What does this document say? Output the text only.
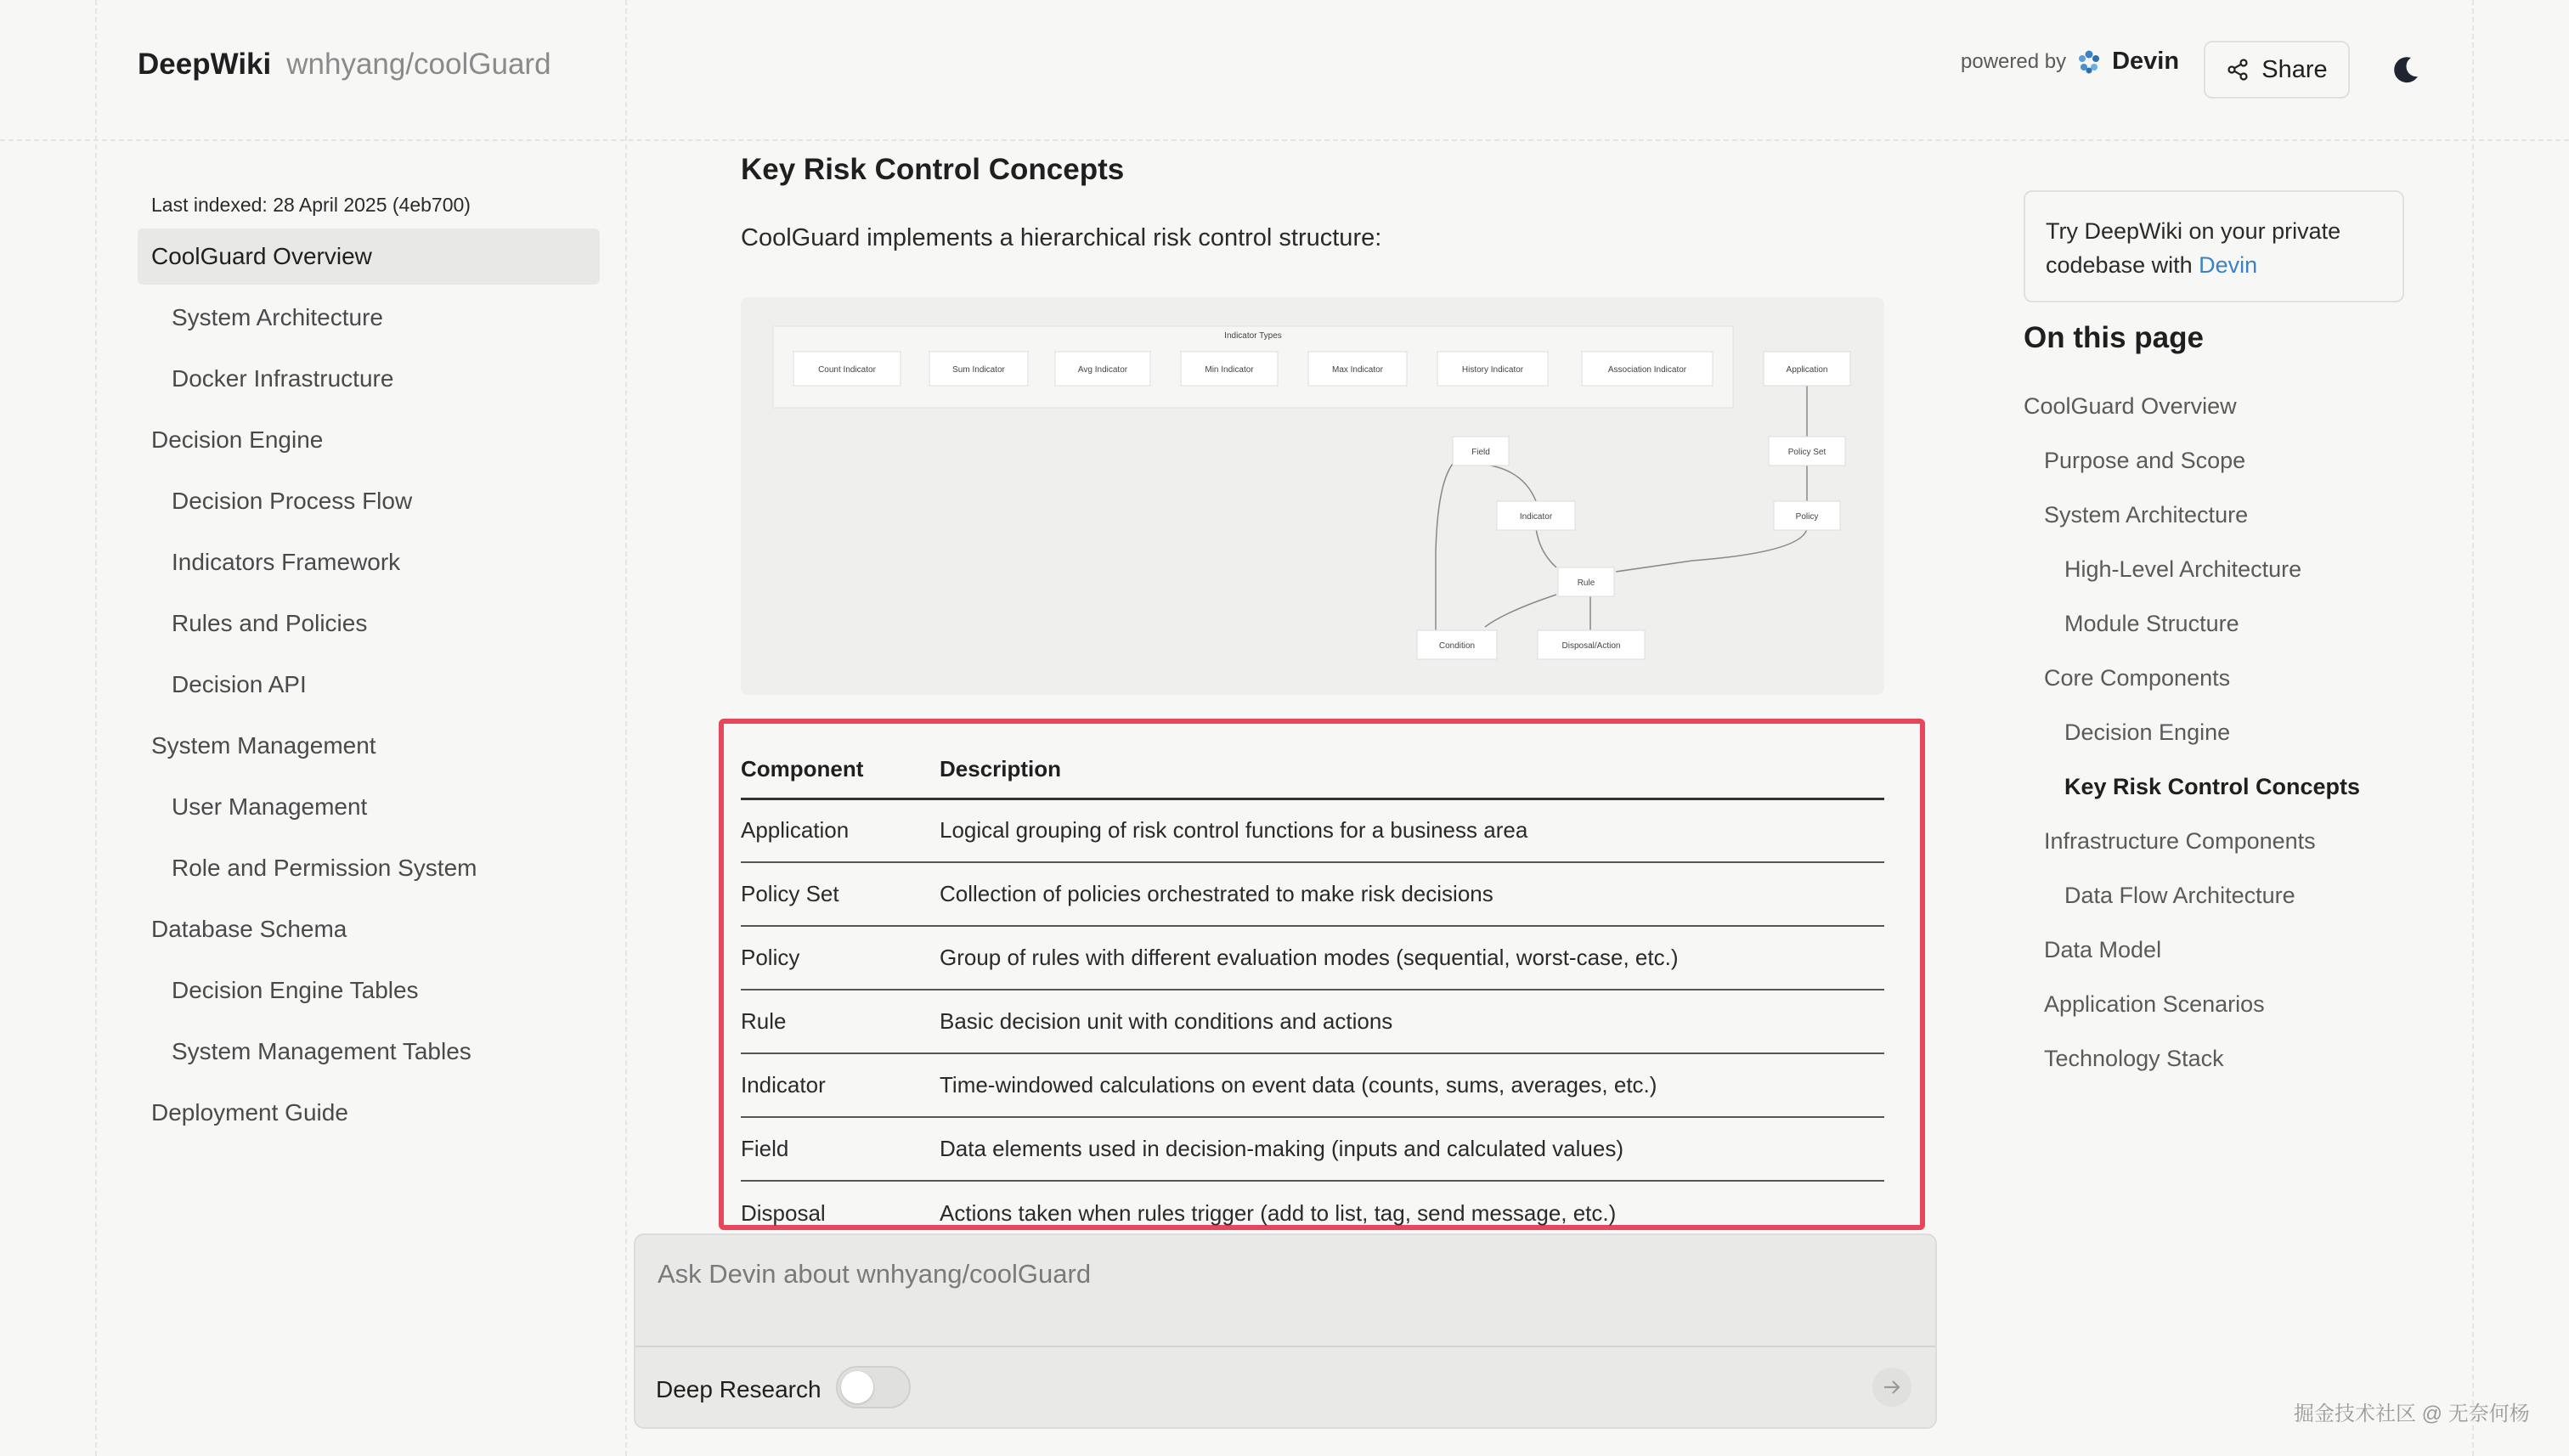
DeepWiki wnhyang/coolGuard	powered by Devin	Share
Last indexed: 28 April 2025 (4eb700)
CoolGuard Overview
System Architecture
Docker Infrastructure
Decision Engine
Decision Process Flow
Indicators Framework
Rules and Policies
Decision API
System Management
User Management
Role and Permission System
Database Schema
Decision Engine Tables
System Management Tables
Deployment Guide
Key Risk Control Concepts
CoolGuard implements a hierarchical risk control structure:
Indicator Types
Count Indicator	Sum Indicator	Avg Indicator	Min Indicator	Max Indicator	History Indicator	Association Indicator	Application
Policy Set
Policy
Field
Indicator
Rule
Condition	Disposal/Action
Component	Description
Application	Logical grouping of risk control functions for a business area
Policy Set	Collection of policies orchestrated to make risk decisions
Policy	Group of rules with different evaluation modes (sequential, worst-case, etc.)
Rule	Basic decision unit with conditions and actions
Indicator	Time-windowed calculations on event data (counts, sums, averages, etc.)
Field	Data elements used in decision-making (inputs and calculated values)
Disposal	Actions taken when rules trigger (add to list, tag, send message, etc.)
Ask Devin about wnhyang/coolGuard
Deep Research
Try DeepWiki on your private codebase with Devin
On this page
CoolGuard Overview
Purpose and Scope
System Architecture
High-Level Architecture
Module Structure
Core Components
Decision Engine
Key Risk Control Concepts
Infrastructure Components
Data Flow Architecture
Data Model
Application Scenarios
Technology Stack
掘金技术社区 @ 无奈何杨
